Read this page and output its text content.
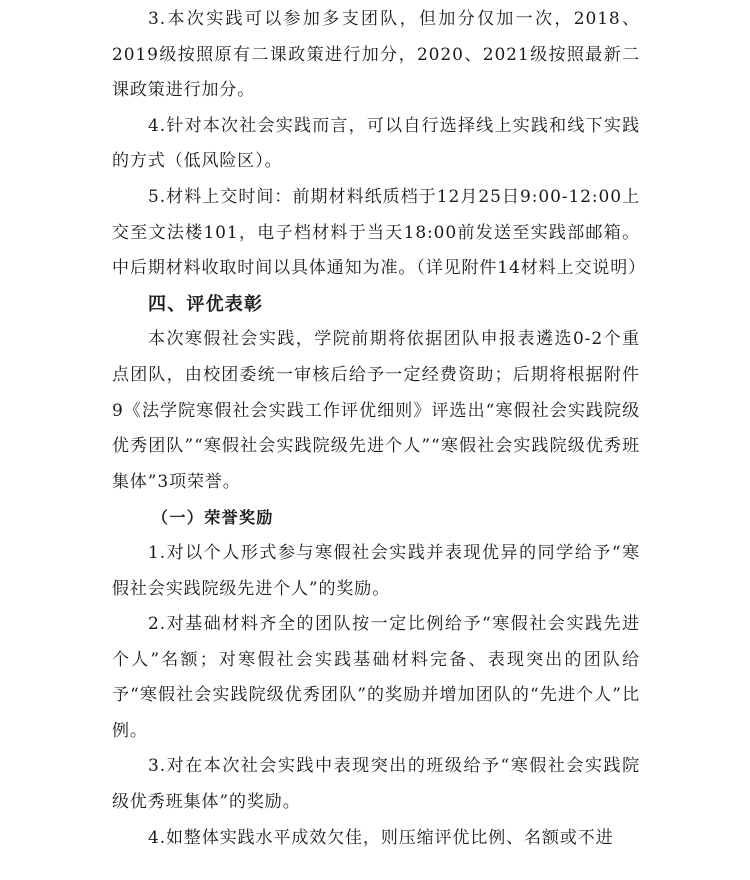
3.本次实践可以参加多支团队，但加分仅加一次，2018、2019级按照原有二课政策进行加分，2020、2021级按照最新二课政策进行加分。

4.针对本次社会实践而言，可以自行选择线上实践和线下实践的方式（低风险区）。

5.材料上交时间：前期材料纸质档于12月25日9:00-12:00上交至文法楼101，电子档材料于当天18:00前发送至实践部邮箱。中后期材料收取时间以具体通知为准。（详见附件14材料上交说明）

四、评优表彰

本次寒假社会实践，学院前期将依据团队申报表遴选0-2个重点团队，由校团委统一审核后给予一定经费资助；后期将根据附件9《法学院寒假社会实践工作评优细则》评选出“寒假社会实践院级优秀团队”“寒假社会实践院级先进个人”“寒假社会实践院级优秀班集体”3项荣誉。

（一）荣誉奖励

1.对以个人形式参与寒假社会实践并表现优异的同学给予“寒假社会实践院级先进个人”的奖励。

2.对基础材料齐全的团队按一定比例给予“寒假社会实践先进个人”名额；对寒假社会实践基础材料完备、表现突出的团队给予“寒假社会实践院级优秀团队”的奖励并增加团队的“先进个人”比例。

3.对在本次社会实践中表现突出的班级给予“寒假社会实践院级优秀班集体”的奖励。

4.如整体实践水平成效欠佳，则压缩评优比例、名额或不进
